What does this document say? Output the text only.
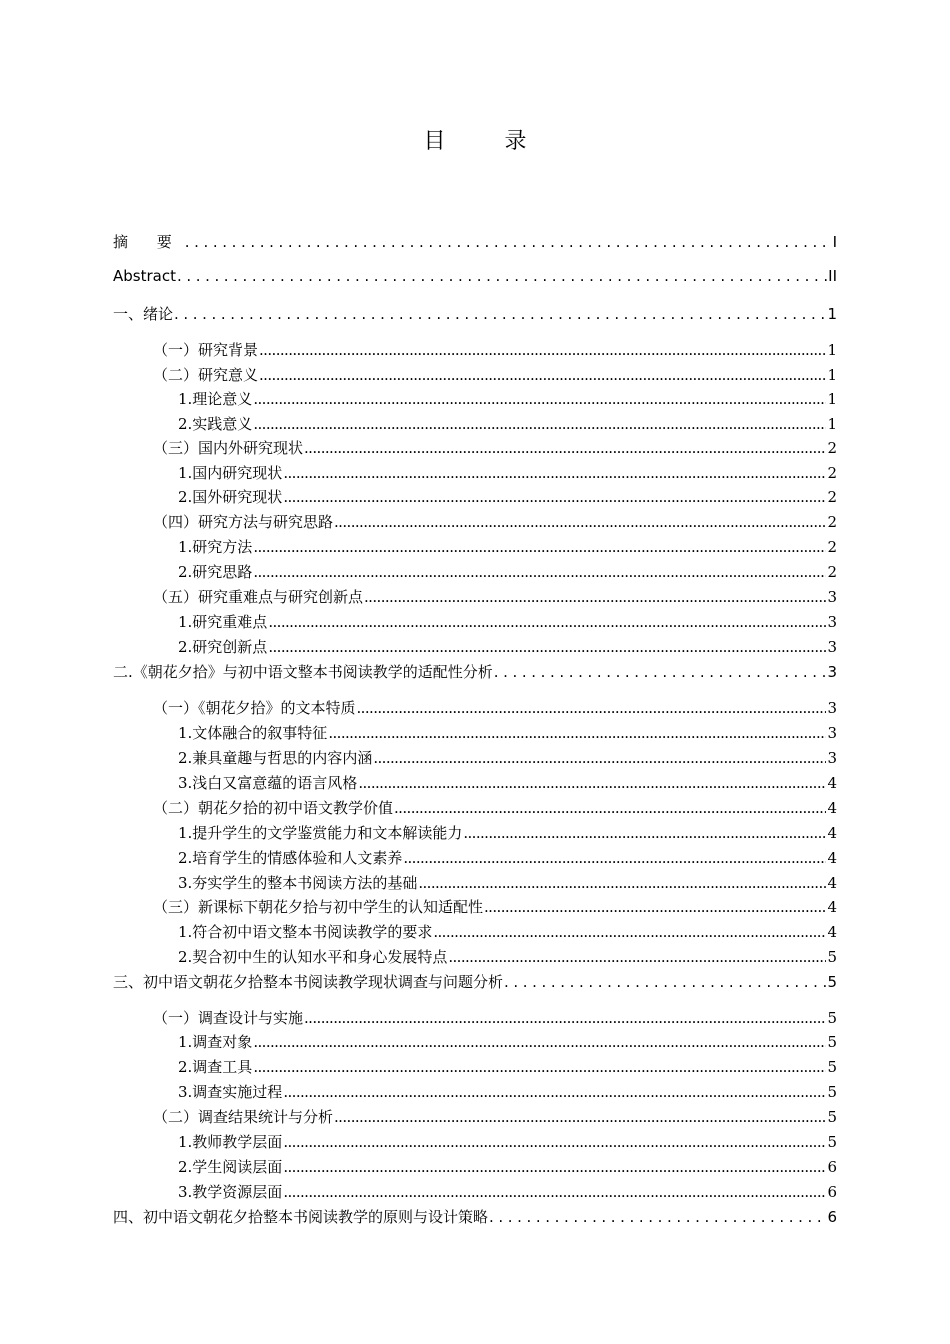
目 录
摘 要 .....	I
Abstract .....	II
一、绪论 .....	1
（一）研究背景 .....	1
（二）研究意义 .....	1
1.理论意义 .....	1
2.实践意义 .....	1
（三）国内外研究现状 .....	2
1.国内研究现状 .....	2
2.国外研究现状 .....	2
（四）研究方法与研究思路 .....	2
1.研究方法 .....	2
2.研究思路 .....	2
（五）研究重难点与研究创新点 .....	3
1.研究重难点 .....	3
2.研究创新点 .....	3
二.《朝花夕拾》与初中语文整本书阅读教学的适配性分析 .....	3
（一）《朝花夕拾》的文本特质 .....	3
1.文体融合的叙事特征 .....	3
2.兼具童趣与哲思的内容内涵 .....	3
3.浅白又富意蕴的语言风格 .....	4
（二）朝花夕拾的初中语文教学价值 .....	4
1.提升学生的文学鉴赏能力和文本解读能力 .....	4
2.培育学生的情感体验和人文素养 .....	4
3.夯实学生的整本书阅读方法的基础 .....	4
（三）新课标下朝花夕拾与初中学生的认知适配性 .....	4
1.符合初中语文整本书阅读教学的要求 .....	4
2.契合初中生的认知水平和身心发展特点 .....	5
三、初中语文朝花夕拾整本书阅读教学现状调查与问题分析 .....	5
（一）调查设计与实施 .....	5
1.调查对象 .....	5
2.调查工具 .....	5
3.调查实施过程 .....	5
（二）调查结果统计与分析 .....	5
1.教师教学层面 .....	5
2.学生阅读层面 .....	6
3.教学资源层面 .....	6
四、初中语文朝花夕拾整本书阅读教学的原则与设计策略 .....	6
